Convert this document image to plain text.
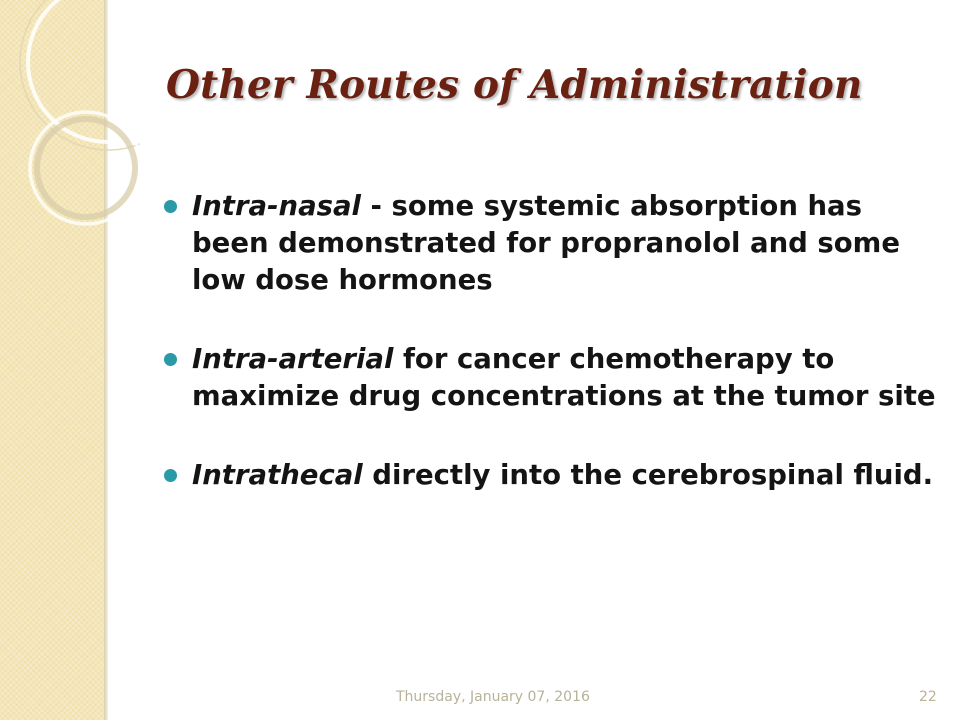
Other Routes of Administration
Intra-nasal - some systemic absorption has been demonstrated for propranolol and some low dose hormones
Intra-arterial for cancer chemotherapy to maximize drug concentrations at the tumor site
Intrathecal directly into the cerebrospinal fluid.
Thursday, January 07, 2016	22
